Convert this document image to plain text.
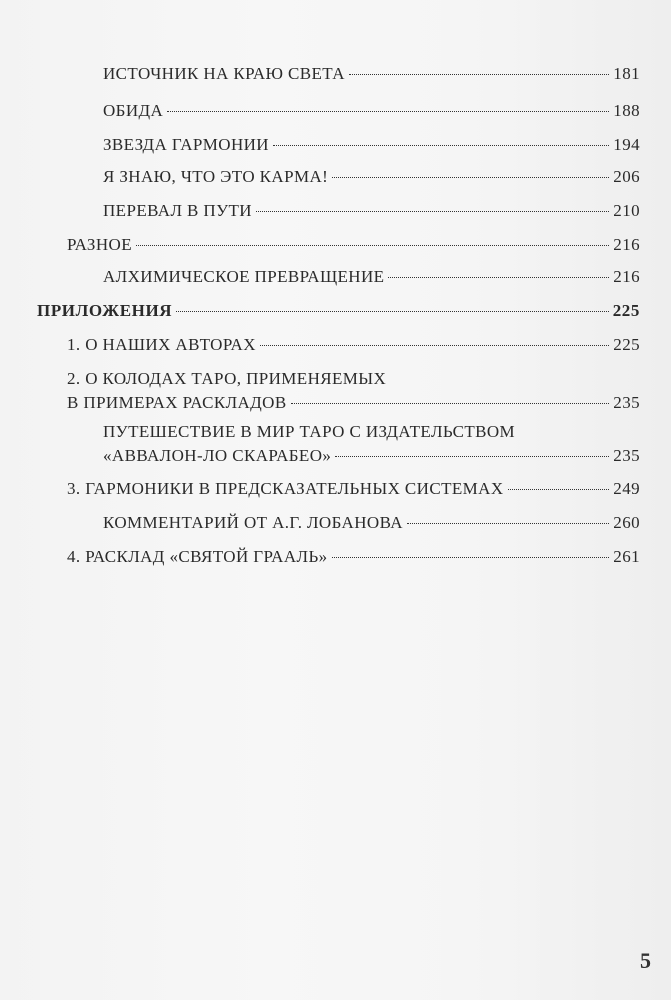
ИСТОЧНИК НА КРАЮ СВЕТА	181
ОБИДА	188
ЗВЕЗДА ГАРМОНИИ	194
Я ЗНАЮ, ЧТО ЭТО КАРМА!	206
ПЕРЕВАЛ В ПУТИ	210
РАЗНОЕ	216
АЛХИМИЧЕСКОЕ ПРЕВРАЩЕНИЕ	216
ПРИЛОЖЕНИЯ	225
1. О НАШИХ АВТОРАХ	225
2. О КОЛОДАХ ТАРО, ПРИМЕНЯЕМЫХ
В ПРИМЕРАХ РАСКЛАДОВ	235
ПУТЕШЕСТВИЕ В МИР ТАРО С ИЗДАТЕЛЬСТВОМ
«АВВАЛОН-ЛО СКАРАБЕО»	235
3. ГАРМОНИКИ В ПРЕДСКАЗАТЕЛЬНЫХ СИСТЕМАХ	249
КОММЕНТАРИЙ ОТ А.Г. ЛОБАНОВА	260
4. РАСКЛАД «СВЯТОЙ ГРААЛЬ»	261
5
